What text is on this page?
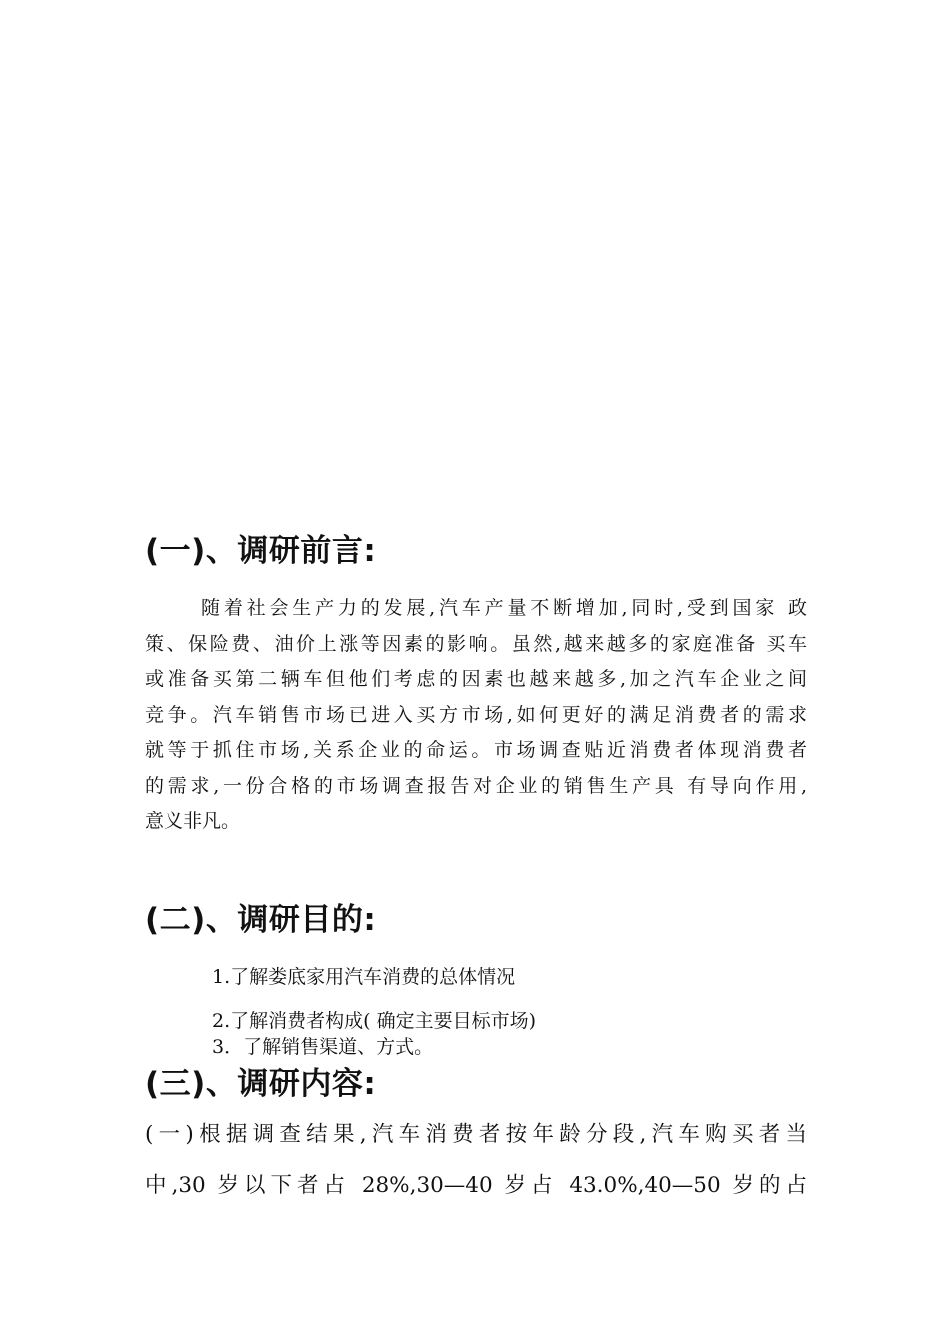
(一)、调研前言:
随着社会生产力的发展,汽车产量不断增加,同时,受到国家 政
策、保险费、油价上涨等因素的影响。虽然,越来越多的家庭准备 买车
或准备买第二辆车但他们考虑的因素也越来越多,加之汽车企业之间
竞争。汽车销售市场已进入买方市场,如何更好的满足消费者的需求
就等于抓住市场,关系企业的命运。市场调查贴近消费者体现消费者
的需求,一份合格的市场调查报告对企业的销售生产具 有导向作用,
意义非凡。
(二)、调研目的:
1.了解娄底家用汽车消费的总体情况
2.了解消费者构成( 确定主要目标市场)
3．了解销售渠道、方式。
(三)、调研内容:
(一)根据调查结果,汽车消费者按年龄分段,汽车购买者当
中,30 岁以下者占 28%,30—40 岁占 43.0%,40—50 岁的占
